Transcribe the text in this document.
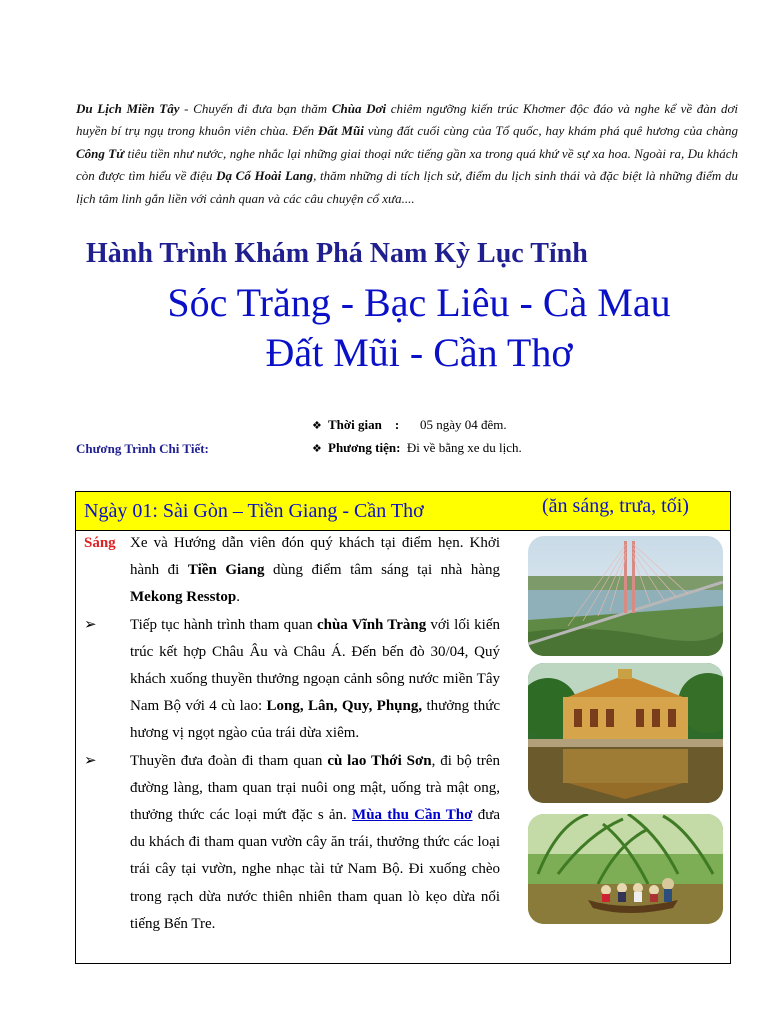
Du Lịch Miền Tây - Chuyến đi đưa bạn thăm Chùa Dơi chiêm ngưỡng kiến trúc Khơmer độc đáo và nghe kể về đàn dơi huyền bí trụ ngụ trong khuôn viên chùa. Đến Đất Mũi vùng đất cuối cùng của Tổ quốc, hay khám phá quê hương của chàng Công Tử tiêu tiền như nước, nghe nhắc lại những giai thoại nức tiếng gần xa trong quá khứ về sự xa hoa. Ngoài ra, Du khách còn được tìm hiểu về điệu Dạ Cổ Hoài Lang, thăm những di tích lịch sử, điểm du lịch sinh thái và đặc biệt là những điểm du lịch tâm linh gắn liền với cảnh quan và các câu chuyện cổ xưa....
Hành Trình Khám Phá Nam Kỳ Lục Tỉnh
Sóc Trăng - Bạc Liêu - Cà Mau
Đất Mũi - Cần Thơ
❖ Thời gian : 05 ngày 04 đêm.
❖ Phương tiện: Đi về bằng xe du lịch.
Chương Trình Chi Tiết:
Ngày 01: Sài Gòn – Tiền Giang - Cần Thơ	(ăn sáng, trưa, tối)
Sáng Xe và Hướng dẫn viên đón quý khách tại điểm hẹn. Khởi hành đi Tiền Giang dùng điểm tâm sáng tại nhà hàng Mekong Resstop.
➢ Tiếp tục hành trình tham quan chùa Vĩnh Tràng với lối kiến trúc kết hợp Châu Âu và Châu Á. Đến bến đò 30/04, Quý khách xuống thuyền thưởng ngoạn cảnh sông nước miền Tây Nam Bộ với 4 cù lao: Long, Lân, Quy, Phụng, thưởng thức hương vị ngọt ngào của trái dừa xiêm.
➢ Thuyền đưa đoàn đi tham quan cù lao Thới Sơn, đi bộ trên đường làng, tham quan trại nuôi ong mật, uống trà mật ong, thưởng thức các loại mứt đặc s ản. Mùa thu Cần Thơ đưa du khách đi tham quan vườn cây ăn trái, thưởng thức các loại trái cây tại vườn, nghe nhạc tài tử Nam Bộ. Đi xuống chèo trong rạch dừa nước thiên nhiên tham quan lò kẹo dừa nổi tiếng Bến Tre.
